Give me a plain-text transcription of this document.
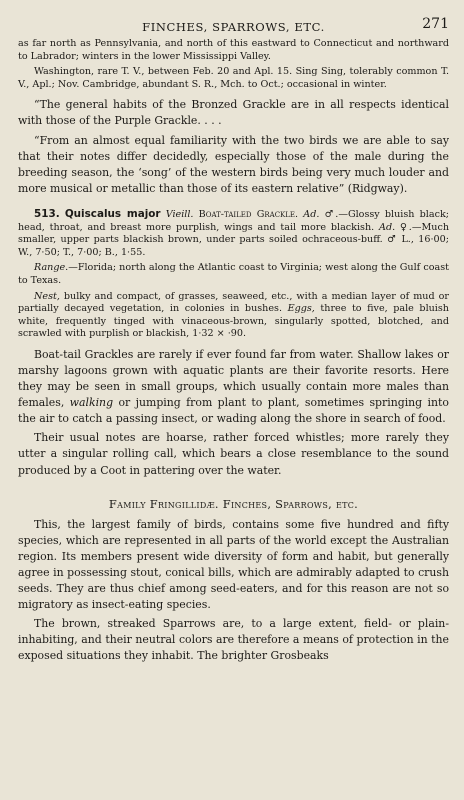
FINCHES, SPARROWS, ETC.	271

as far north as Pennsylvania, and north of this eastward to Connecticut and northward to Labrador; winters in the lower Mississippi Valley.

Washington, rare T. V., between Feb. 20 and Apl. 15. Sing Sing, tolerably common T. V., Apl.; Nov. Cambridge, abundant S. R., Mch. to Oct.; occasional in winter.

“The general habits of the Bronzed Grackle are in all respects identical with those of the Purple Grackle. . . .

“From an almost equal familiarity with the two birds we are able to say that their notes differ decidedly, especially those of the male during the breeding season, the ‘song’ of the western birds being very much louder and more musical or metallic than those of its eastern relative” (Ridgway).

513. Quiscalus major Vieill. Boat-tailed Grackle. Ad. ♂.—Glossy bluish black; head, throat, and breast more purplish, wings and tail more blackish. Ad. ♀.—Much smaller, upper parts blackish brown, under parts soiled ochraceous-buff. ♂ L., 16·00; W., 7·50; T., 7·00; B., 1·55.

Range.—Florida; north along the Atlantic coast to Virginia; west along the Gulf coast to Texas.

Nest, bulky and compact, of grasses, seaweed, etc., with a median layer of mud or partially decayed vegetation, in colonies in bushes. Eggs, three to five, pale bluish white, frequently tinged with vinaceous-brown, singularly spotted, blotched, and scrawled with purplish or blackish, 1·32 × ·90.

Boat-tail Grackles are rarely if ever found far from water. Shallow lakes or marshy lagoons grown with aquatic plants are their favorite resorts. Here they may be seen in small groups, which usually contain more males than females, walking or jumping from plant to plant, sometimes springing into the air to catch a passing insect, or wading along the shore in search of food.

Their usual notes are hoarse, rather forced whistles; more rarely they utter a singular rolling call, which bears a close resemblance to the sound produced by a Coot in pattering over the water.

Family Fringillidæ. Finches, Sparrows, etc.

This, the largest family of birds, contains some five hundred and fifty species, which are represented in all parts of the world except the Australian region. Its members present wide diversity of form and habit, but generally agree in possessing stout, conical bills, which are admirably adapted to crush seeds. They are thus chief among seed-eaters, and for this reason are not so migratory as insect-eating species.

The brown, streaked Sparrows are, to a large extent, field- or plain-inhabiting, and their neutral colors are therefore a means of protection in the exposed situations they inhabit. The brighter Grosbeaks
